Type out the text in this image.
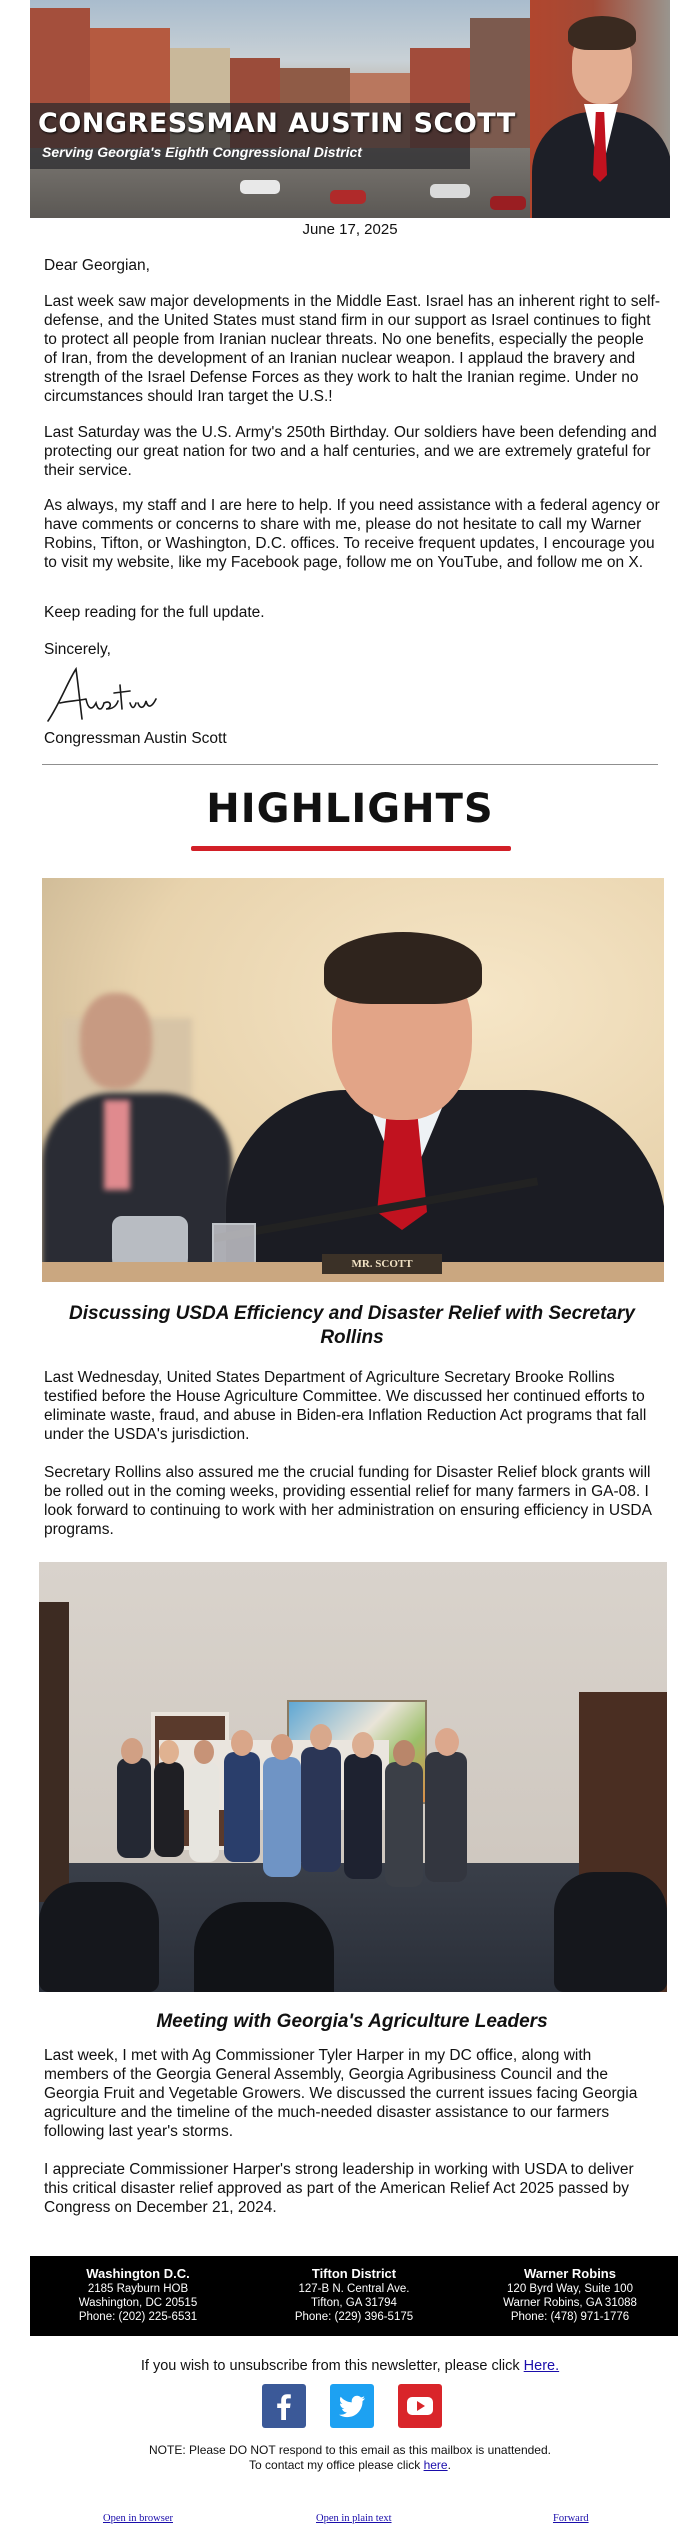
CONGRESSMAN AUSTIN SCOTT
Serving Georgia's Eighth Congressional District
June 17, 2025

Dear Georgian,

Last week saw major developments in the Middle East. Israel has an inherent right to self-defense, and the United States must stand firm in our support as Israel continues to fight to protect all people from Iranian nuclear threats. No one benefits, especially the people of Iran, from the development of an Iranian nuclear weapon. I applaud the bravery and strength of the Israel Defense Forces as they work to halt the Iranian regime. Under no circumstances should Iran target the U.S.!

Last Saturday was the U.S. Army's 250th Birthday. Our soldiers have been defending and protecting our great nation for two and a half centuries, and we are extremely grateful for their service.

As always, my staff and I are here to help. If you need assistance with a federal agency or have comments or concerns to share with me, please do not hesitate to call my Warner Robins, Tifton, or Washington, D.C. offices. To receive frequent updates, I encourage you to visit my website, like my Facebook page, follow me on YouTube, and follow me on X.

Keep reading for the full update.

Sincerely,

Congressman Austin Scott
HIGHLIGHTS
MR. SCOTT

Discussing USDA Efficiency and Disaster Relief with Secretary Rollins

Last Wednesday, United States Department of Agriculture Secretary Brooke Rollins testified before the House Agriculture Committee. We discussed her continued efforts to eliminate waste, fraud, and abuse in Biden-era Inflation Reduction Act programs that fall under the USDA's jurisdiction.

Secretary Rollins also assured me the crucial funding for Disaster Relief block grants will be rolled out in the coming weeks, providing essential relief for many farmers in GA-08. I look forward to continuing to work with her administration on ensuring efficiency in USDA programs.

Meeting with Georgia's Agriculture Leaders

Last week, I met with Ag Commissioner Tyler Harper in my DC office, along with members of the Georgia General Assembly, Georgia Agribusiness Council and the Georgia Fruit and Vegetable Growers. We discussed the current issues facing Georgia agriculture and the timeline of the much-needed disaster assistance to our farmers following last year's storms.

I appreciate Commissioner Harper's strong leadership in working with USDA to deliver this critical disaster relief approved as part of the American Relief Act 2025 passed by Congress on December 21, 2024.

Washington D.C.
2185 Rayburn HOB
Washington, DC 20515
Phone: (202) 225-6531
Tifton District
127-B N. Central Ave.
Tifton, GA 31794
Phone: (229) 396-5175
Warner Robins
120 Byrd Way, Suite 100
Warner Robins, GA 31088
Phone: (478) 971-1776
If you wish to unsubscribe from this newsletter, please click Here.
NOTE: Please DO NOT respond to this email as this mailbox is unattended.
To contact my office please click here.
Open in browser	Open in plain text	Forward
